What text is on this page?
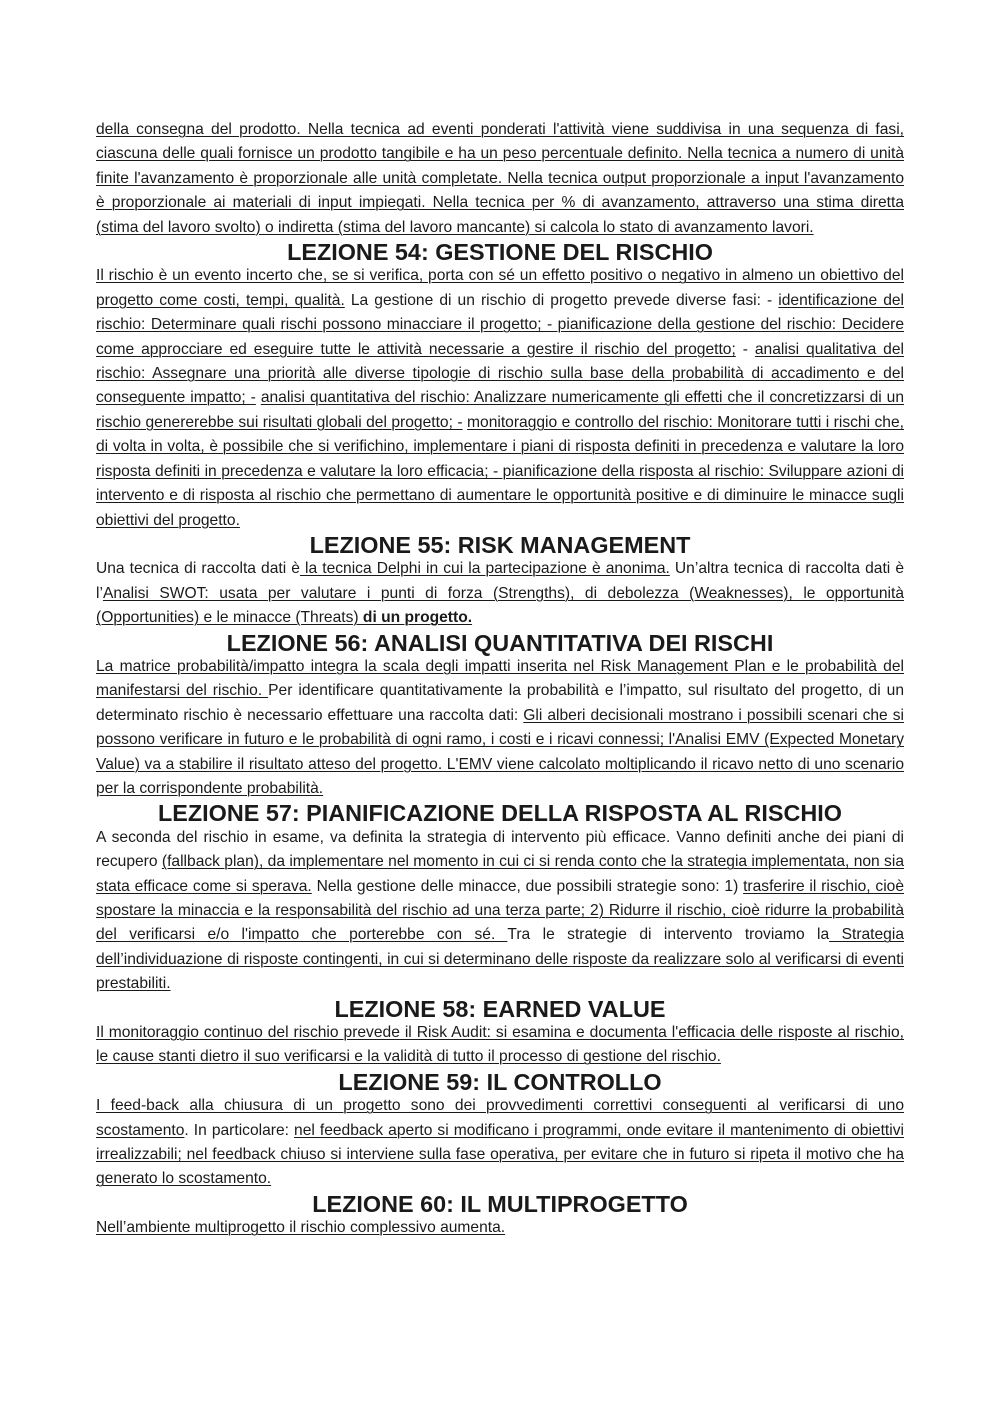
della consegna del prodotto. Nella tecnica ad eventi ponderati l'attività viene suddivisa in una sequenza di fasi, ciascuna delle quali fornisce un prodotto tangibile e ha un peso percentuale definito. Nella tecnica a numero di unità finite l'avanzamento è proporzionale alle unità completate. Nella tecnica output proporzionale a input l'avanzamento è proporzionale ai materiali di input impiegati. Nella tecnica per % di avanzamento, attraverso una stima diretta (stima del lavoro svolto) o indiretta (stima del lavoro mancante) si calcola lo stato di avanzamento lavori.

LEZIONE 54: GESTIONE DEL RISCHIO

Il rischio è un evento incerto che, se si verifica, porta con sé un effetto positivo o negativo in almeno un obiettivo del progetto come costi, tempi, qualità. La gestione di un rischio di progetto prevede diverse fasi: - identificazione del rischio: Determinare quali rischi possono minacciare il progetto; - pianificazione della gestione del rischio: Decidere come approcciare ed eseguire tutte le attività necessarie a gestire il rischio del progetto; - analisi qualitativa del rischio: Assegnare una priorità alle diverse tipologie di rischio sulla base della probabilità di accadimento e del conseguente impatto; - analisi quantitativa del rischio: Analizzare numericamente gli effetti che il concretizzarsi di un rischio genererebbe sui risultati globali del progetto; - monitoraggio e controllo del rischio: Monitorare tutti i rischi che, di volta in volta, è possibile che si verifichino, implementare i piani di risposta definiti in precedenza e valutare la loro risposta definiti in precedenza e valutare la loro efficacia; - pianificazione della risposta al rischio: Sviluppare azioni di intervento e di risposta al rischio che permettano di aumentare le opportunità positive e di diminuire le minacce sugli obiettivi del progetto.

LEZIONE 55: RISK MANAGEMENT

Una tecnica di raccolta dati è la tecnica Delphi in cui la partecipazione è anonima. Un’altra tecnica di raccolta dati è l’Analisi SWOT: usata per valutare i punti di forza (Strengths), di debolezza (Weaknesses), le opportunità (Opportunities) e le minacce (Threats) di un progetto.

LEZIONE 56: ANALISI QUANTITATIVA DEI RISCHI

La matrice probabilità/impatto integra la scala degli impatti inserita nel Risk Management Plan e le probabilità del manifestarsi del rischio. Per identificare quantitativamente la probabilità e l’impatto, sul risultato del progetto, di un determinato rischio è necessario effettuare una raccolta dati: Gli alberi decisionali mostrano i possibili scenari che si possono verificare in futuro e le probabilità di ogni ramo, i costi e i ricavi connessi; l'Analisi EMV (Expected Monetary Value) va a stabilire il risultato atteso del progetto. L'EMV viene calcolato moltiplicando il ricavo netto di uno scenario per la corrispondente probabilità.

LEZIONE 57: PIANIFICAZIONE DELLA RISPOSTA AL RISCHIO

A seconda del rischio in esame, va definita la strategia di intervento più efficace. Vanno definiti anche dei piani di recupero (fallback plan), da implementare nel momento in cui ci si renda conto che la strategia implementata, non sia stata efficace come si sperava. Nella gestione delle minacce, due possibili strategie sono: 1) trasferire il rischio, cioè spostare la minaccia e la responsabilità del rischio ad una terza parte; 2) Ridurre il rischio, cioè ridurre la probabilità del verificarsi e/o l'impatto che porterebbe con sé. Tra le strategie di intervento troviamo la Strategia dell’individuazione di risposte contingenti, in cui si determinano delle risposte da realizzare solo al verificarsi di eventi prestabiliti.

LEZIONE 58: EARNED VALUE

Il monitoraggio continuo del rischio prevede il Risk Audit: si esamina e documenta l'efficacia delle risposte al rischio, le cause stanti dietro il suo verificarsi e la validità di tutto il processo di gestione del rischio.

LEZIONE 59: IL CONTROLLO

I feed-back alla chiusura di un progetto sono dei provvedimenti correttivi conseguenti al verificarsi di uno scostamento. In particolare: nel feedback aperto si modificano i programmi, onde evitare il mantenimento di obiettivi irrealizzabili; nel feedback chiuso si interviene sulla fase operativa, per evitare che in futuro si ripeta il motivo che ha generato lo scostamento.

LEZIONE 60: IL MULTIPROGETTO

Nell’ambiente multiprogetto il rischio complessivo aumenta.
